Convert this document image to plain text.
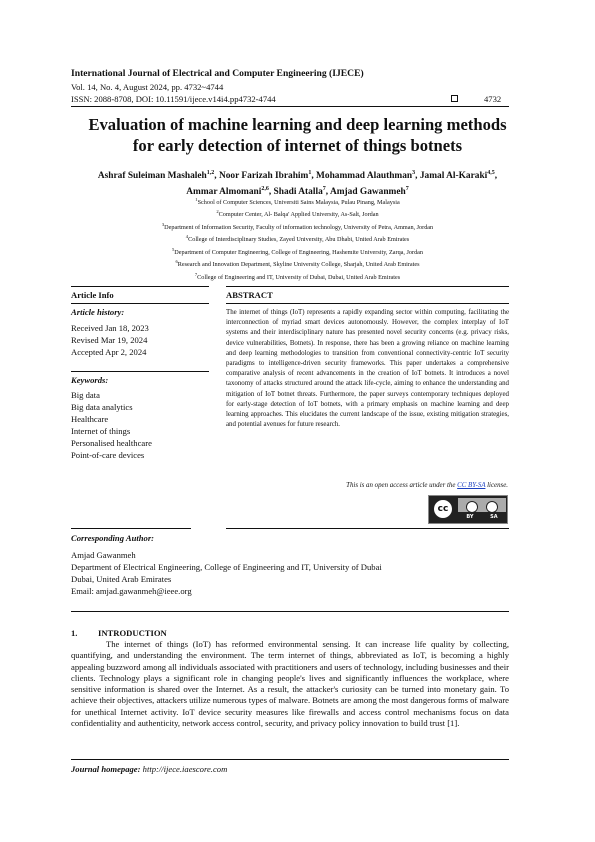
International Journal of Electrical and Computer Engineering (IJECE)
Vol. 14, No. 4, August 2024, pp. 4732~4744
ISSN: 2088-8708, DOI: 10.11591/ijece.v14i4.pp4732-4744	4732
Evaluation of machine learning and deep learning methods
for early detection of internet of things botnets
Ashraf Suleiman Mashaleh$^{1,2}$, Noor Farizah Ibrahim$^1$, Mohammad Alauthman$^3$, Jamal Al-Karaki$^{4,5}$,
Ammar Almomani$^{2,6}$, Shadi Atalla$^7$, Amjad Gawanmeh$^7$
$^1$School of Computer Sciences, Universiti Sains Malaysia, Pulau Pinang, Malaysia
$^2$Computer Center, Al- Balqa' Applied University, As-Salt, Jordan
$^3$Department of Information Security, Faculty of information technology, University of Petra, Amman, Jordan
$^4$College of Interdisciplinary Studies, Zayed University, Abu Dhabi, United Arab Emirates
$^5$Department of Computer Engineering, College of Engineering, Hashemite University, Zarqa, Jordan
$^6$Research and Innovation Department, Skyline University College, Sharjah, United Arab Emirates
$^7$College of Engineering and IT, University of Dubai, Dubai, United Arab Emirates
Article Info
Article history:
Received Jan 18, 2023
Revised Mar 19, 2024
Accepted Apr 2, 2024
Keywords:
Big data
Big data analytics
Healthcare
Internet of things
Personalised healthcare
Point-of-care devices
ABSTRACT
The internet of things (IoT) represents a rapidly expanding sector within computing, facilitating the interconnection of myriad smart devices autonomously. However, the complex interplay of IoT systems and their interdisciplinary nature has presented novel security concerns (e.g. privacy risks, device vulnerabilities, Botnets). In response, there has been a growing reliance on machine learning and deep learning methodologies to transition from conventional connectivity-centric IoT security paradigms to intelligence-driven security frameworks. This paper undertakes a comprehensive comparative analysis of recent advancements in the creation of IoT botnets. It introduces a novel taxonomy of attacks structured around the attack life-cycle, aiming to enhance the understanding and mitigation of IoT botnet threats. Furthermore, the paper surveys contemporary techniques deployed for early-stage detection of IoT botnets, with a primary emphasis on machine learning and deep learning approaches. This elucidates the current landscape of the issue, existing mitigation strategies, and potential avenues for future research.
This is an open access article under the CC BY-SA license.
cc
BY	SA
Corresponding Author:
Amjad Gawanmeh
Department of Electrical Engineering, College of Engineering and IT, University of Dubai
Dubai, United Arab Emirates
Email: amjad.gawanmeh@ieee.org
1. INTRODUCTION
The internet of things (IoT) has reformed environmental sensing. It can increase life quality by collecting, quantifying, and understanding the environment. The term internet of things, abbreviated as IoT, is becoming a highly appealing buzzword among all individuals associated with practitioners and users of technology, including businesses and their clients. Technology plays a significant role in changing people's lives and significantly influences the workplace, where sensitive information is shared over the Internet. As a result, the attacker's curiosity can be turned into monetary gain. To achieve their objectives, attackers utilize numerous types of malware. Botnets are among the most dangerous forms of malware for unethical Internet activity. IoT device security measures like firewalls and access control mechanisms focus on data confidentiality and authenticity, network access control, security, and privacy policy innovation to build trust [1].
Journal homepage: http://ijece.iaescore.com
